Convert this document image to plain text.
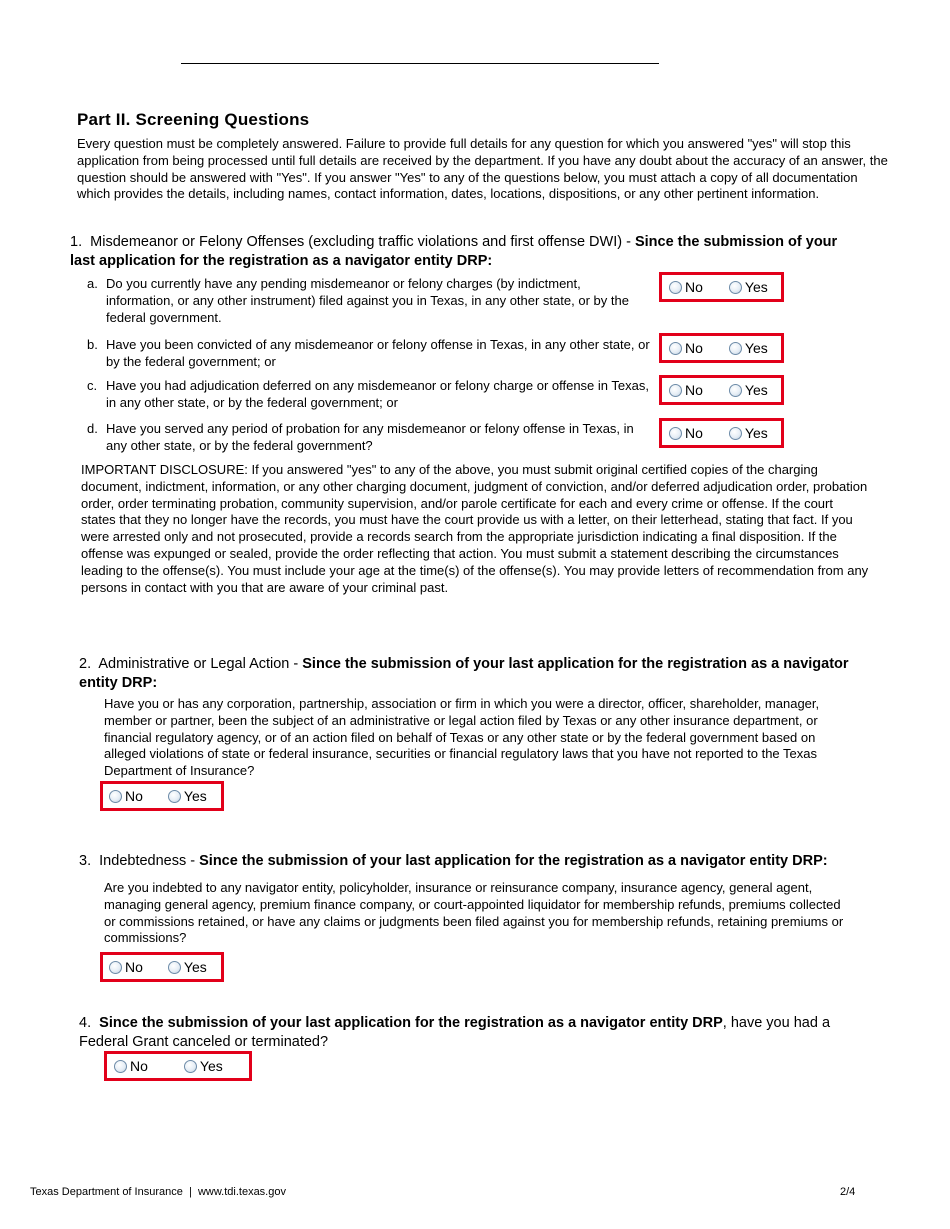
Part II. Screening Questions

Every question must be completely answered. Failure to provide full details for any question for which you answered "yes" will stop this application from being processed until full details are received by the department. If you have any doubt about the accuracy of an answer, the question should be answered with "Yes". If you answer "Yes" to any of the questions below, you must attach a copy of all documentation which provides the details, including names, contact information, dates, locations, dispositions, or any other pertinent information.

1. Misdemeanor or Felony Offenses (excluding traffic violations and first offense DWI) - Since the submission of your last application for the registration as a navigator entity DRP:

a. Do you currently have any pending misdemeanor or felony charges (by indictment, information, or any other instrument) filed against you in Texas, in any other state, or by the federal government.
No	Yes
b. Have you been convicted of any misdemeanor or felony offense in Texas, in any other state, or by the federal government; or
No	Yes
c. Have you had adjudication deferred on any misdemeanor or felony charge or offense in Texas, in any other state, or by the federal government; or
No	Yes
d. Have you served any period of probation for any misdemeanor or felony offense in Texas, in any other state, or by the federal government?
No	Yes

IMPORTANT DISCLOSURE: If you answered "yes" to any of the above, you must submit original certified copies of the charging document, indictment, information, or any other charging document, judgment of conviction, and/or deferred adjudication order, probation order, order terminating probation, community supervision, and/or parole certificate for each and every crime or offense. If the court states that they no longer have the records, you must have the court provide us with a letter, on their letterhead, stating that fact. If you were arrested only and not prosecuted, provide a records search from the appropriate jurisdiction indicating a final disposition. If the offense was expunged or sealed, provide the order reflecting that action. You must submit a statement describing the circumstances leading to the offense(s). You must include your age at the time(s) of the offense(s). You may provide letters of recommendation from any persons in contact with you that are aware of your criminal past.

2. Administrative or Legal Action - Since the submission of your last application for the registration as a navigator entity DRP:

Have you or has any corporation, partnership, association or firm in which you were a director, officer, shareholder, manager, member or partner, been the subject of an administrative or legal action filed by Texas or any other insurance department, or financial regulatory agency, or of an action filed on behalf of Texas or any other state or by the federal government based on alleged violations of state or federal insurance, securities or financial regulatory laws that you have not reported to the Texas Department of Insurance?

No	Yes

3. Indebtedness - Since the submission of your last application for the registration as a navigator entity DRP:

Are you indebted to any navigator entity, policyholder, insurance or reinsurance company, insurance agency, general agent, managing general agency, premium finance company, or court-appointed liquidator for membership refunds, premiums collected or commissions retained, or have any claims or judgments been filed against you for membership refunds, retaining premiums or commissions?

No	Yes

4. Since the submission of your last application for the registration as a navigator entity DRP, have you had a Federal Grant canceled or terminated?

No	Yes
Texas Department of Insurance  |  www.tdi.texas.gov	2/4
